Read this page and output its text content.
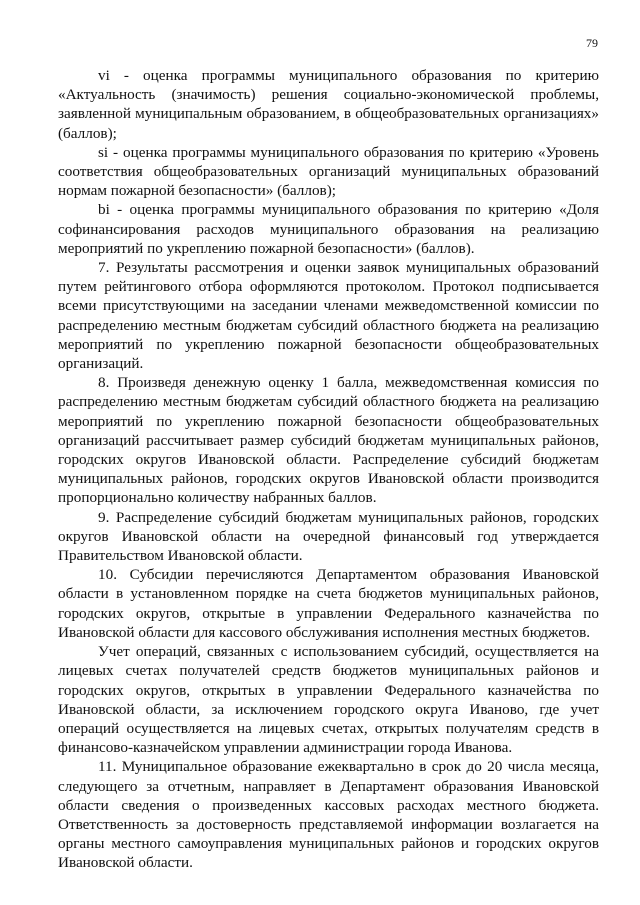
79

vi - оценка программы муниципального образования по критерию «Актуальность (значимость) решения социально-экономической проблемы, заявленной муниципальным образованием, в общеобразовательных организациях» (баллов);

si - оценка программы муниципального образования по критерию «Уровень соответствия общеобразовательных организаций муниципальных образований нормам пожарной безопасности» (баллов);

bi - оценка программы муниципального образования по критерию «Доля софинансирования расходов муниципального образования на реализацию мероприятий по укреплению пожарной безопасности» (баллов).

7. Результаты рассмотрения и оценки заявок муниципальных образований путем рейтингового отбора оформляются протоколом. Протокол подписывается всеми присутствующими на заседании членами межведомственной комиссии по распределению местным бюджетам субсидий областного бюджета на реализацию мероприятий по укреплению пожарной безопасности общеобразовательных организаций.

8. Произведя денежную оценку 1 балла, межведомственная комиссия по распределению местным бюджетам субсидий областного бюджета на реализацию мероприятий по укреплению пожарной безопасности общеобразовательных организаций рассчитывает размер субсидий бюджетам муниципальных районов, городских округов Ивановской области. Распределение субсидий бюджетам муниципальных районов, городских округов Ивановской области производится пропорционально количеству набранных баллов.

9. Распределение субсидий бюджетам муниципальных районов, городских округов Ивановской области на очередной финансовый год утверждается Правительством Ивановской области.

10. Субсидии перечисляются Департаментом образования Ивановской области в установленном порядке на счета бюджетов муниципальных районов, городских округов, открытые в управлении Федерального казначейства по Ивановской области для кассового обслуживания исполнения местных бюджетов.

Учет операций, связанных с использованием субсидий, осуществляется на лицевых счетах получателей средств бюджетов муниципальных районов и городских округов, открытых в управлении Федерального казначейства по Ивановской области, за исключением городского округа Иваново, где учет операций осуществляется на лицевых счетах, открытых получателям средств в финансово-казначейском управлении администрации города Иванова.

11. Муниципальное образование ежеквартально в срок до 20 числа месяца, следующего за отчетным, направляет в Департамент образования Ивановской области сведения о произведенных кассовых расходах местного бюджета. Ответственность за достоверность представляемой информации возлагается на органы местного самоуправления муниципальных районов и городских округов Ивановской области.
